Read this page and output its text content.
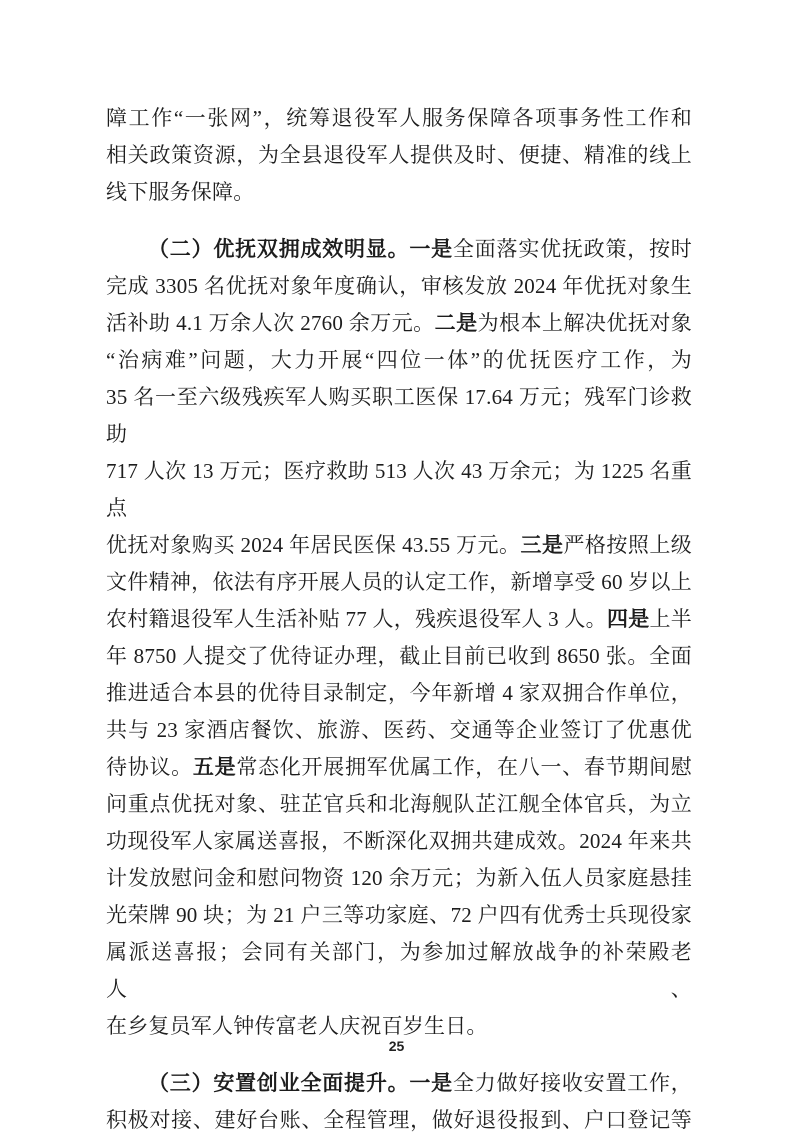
障工作“一张网”，统筹退役军人服务保障各项事务性工作和
相关政策资源，为全县退役军人提供及时、便捷、精准的线上
线下服务保障。
（二）优抚双拥成效明显。一是全面落实优抚政策，按时
完成 3305 名优抚对象年度确认，审核发放 2024 年优抚对象生
活补助 4.1 万余人次 2760 余万元。二是为根本上解决优抚对象
“治病难”问题，大力开展“四位一体”的优抚医疗工作，为
35 名一至六级残疾军人购买职工医保 17.64 万元；残军门诊救助
717 人次 13 万元；医疗救助 513 人次 43 万余元；为 1225 名重点
优抚对象购买 2024 年居民医保 43.55 万元。三是严格按照上级
文件精神，依法有序开展人员的认定工作，新增享受 60 岁以上
农村籍退役军人生活补贴 77 人，残疾退役军人 3 人。四是上半
年 8750 人提交了优待证办理，截止目前已收到 8650 张。全面
推进适合本县的优待目录制定，今年新增 4 家双拥合作单位，
共与 23 家酒店餐饮、旅游、医药、交通等企业签订了优惠优
待协议。五是常态化开展拥军优属工作，在八一、春节期间慰
问重点优抚对象、驻芷官兵和北海舰队芷江舰全体官兵，为立
功现役军人家属送喜报，不断深化双拥共建成效。2024 年来共
计发放慰问金和慰问物资 120 余万元；为新入伍人员家庭悬挂
光荣牌 90 块；为 21 户三等功家庭、72 户四有优秀士兵现役家
属派送喜报；会同有关部门，为参加过解放战争的补荣殿老人、
在乡复员军人钟传富老人庆祝百岁生日。
（三）安置创业全面提升。一是全力做好接收安置工作，
积极对接、建好台账、全程管理，做好退役报到、户口登记等
25
